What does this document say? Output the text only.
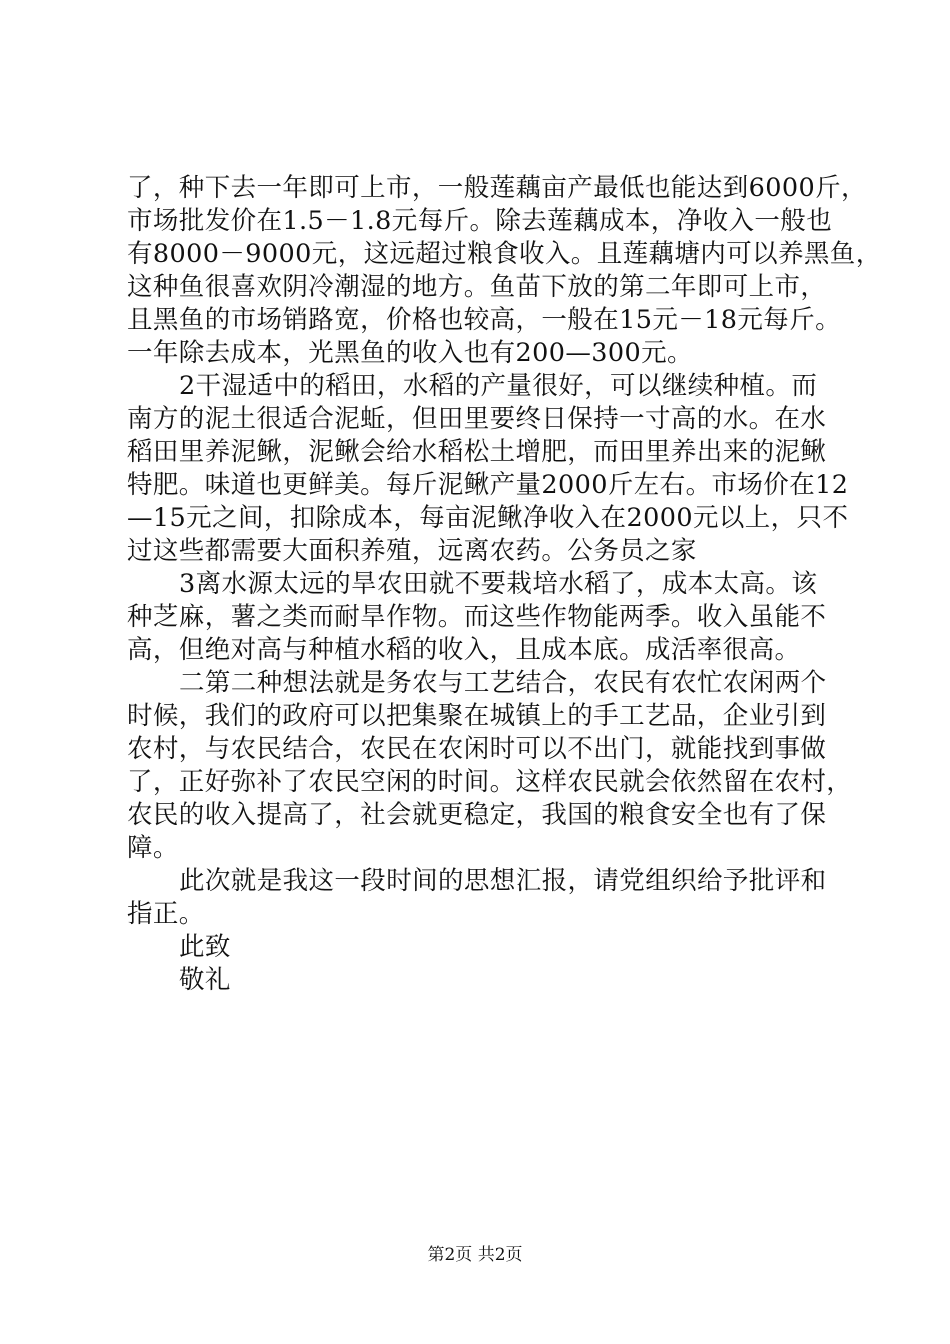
了，种下去一年即可上市，一般莲藕亩产最低也能达到6000斤，
市场批发价在1.5－1.8元每斤。除去莲藕成本，净收入一般也
有8000－9000元，这远超过粮食收入。且莲藕塘内可以养黑鱼，
这种鱼很喜欢阴冷潮湿的地方。鱼苗下放的第二年即可上市，
且黑鱼的市场销路宽，价格也较高，一般在15元－18元每斤。
一年除去成本，光黑鱼的收入也有200—300元。
2干湿适中的稻田，水稻的产量很好，可以继续种植。而
南方的泥土很适合泥蚯，但田里要终日保持一寸高的水。在水
稻田里养泥鳅，泥鳅会给水稻松土增肥，而田里养出来的泥鳅
特肥。味道也更鲜美。每斤泥鳅产量2000斤左右。市场价在12
—15元之间，扣除成本，每亩泥鳅净收入在2000元以上，只不
过这些都需要大面积养殖，远离农药。公务员之家
3离水源太远的旱农田就不要栽培水稻了，成本太高。该
种芝麻，薯之类而耐旱作物。而这些作物能两季。收入虽能不
高，但绝对高与种植水稻的收入，且成本底。成活率很高。
二第二种想法就是务农与工艺结合，农民有农忙农闲两个
时候，我们的政府可以把集聚在城镇上的手工艺品，企业引到
农村，与农民结合，农民在农闲时可以不出门，就能找到事做
了，正好弥补了农民空闲的时间。这样农民就会依然留在农村，
农民的收入提高了，社会就更稳定，我国的粮食安全也有了保
障。
此次就是我这一段时间的思想汇报，请党组织给予批评和
指正。
此致
敬礼
第2页 共2页
